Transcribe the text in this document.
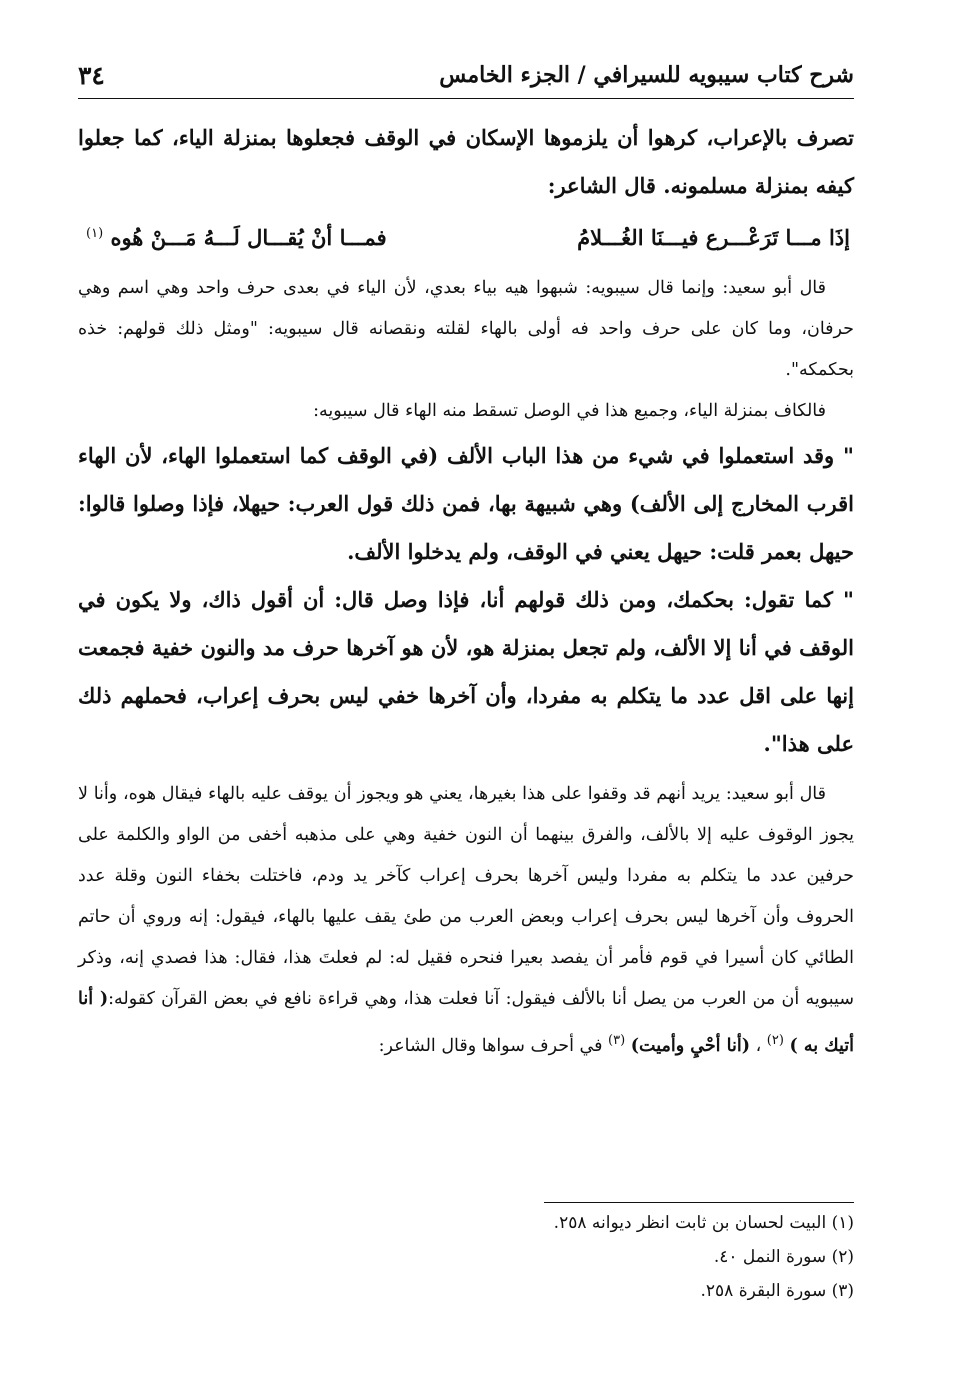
شرح كتاب سيبويه للسيرافي / الجزء الخامس
٣٤

تصرف بالإعراب، كرهوا أن يلزموها الإسكان في الوقف فجعلوها بمنزلة الياء، كما جعلوا كيفه بمنزلة مسلمونه. قال الشاعر:

إذَا مـــا تَرَعْـــرع فيـــنَا الغُـــلامُ
فمـــا أنْ يُقـــال لَـــهُ مَـــنْ هُوه $^{(١)}$

قال أبو سعيد: وإنما قال سيبويه: شبهوا هيه بياء بعدي، لأن الياء في بعدى حرف واحد وهي اسم وهي حرفان، وما كان على حرف واحد فه أولى بالهاء لقلته ونقصانه قال سيبويه: "ومثل ذلك قولهم: خذه بحكمكه".

فالكاف بمنزلة الياء، وجميع هذا في الوصل تسقط منه الهاء قال سيبويه:

" وقد استعملوا في شيء من هذا الباب الألف (في الوقف كما استعملوا الهاء، لأن الهاء اقرب المخارج إلى الألف) وهي شبيهة بها، فمن ذلك قول العرب: حيهلا، فإذا وصلوا قالوا: حيهل بعمر قلت: حيهل يعني في الوقف، ولم يدخلوا الألف.

" كما تقول: بحكمك، ومن ذلك قولهم أنا، فإذا وصل قال: أن أقول ذاك، ولا يكون في الوقف في أنا إلا الألف، ولم تجعل بمنزلة هو، لأن هو آخرها حرف مد والنون خفية فجمعت إنها على اقل عدد ما يتكلم به مفردا، وأن آخرها خفي ليس بحرف إعراب، فحملهم ذلك على هذا".

قال أبو سعيد: يريد أنهم قد وقفوا على هذا بغيرها، يعني هو ويجوز أن يوقف عليه بالهاء فيقال هوه، وأنا لا يجوز الوقوف عليه إلا بالألف، والفرق بينهما أن النون خفية وهي على مذهبه أخفى من الواو والكلمة على حرفين عدد ما يتكلم به مفردا وليس آخرها بحرف إعراب كآخر يد ودم، فاختلت بخفاء النون وقلة عدد الحروف وأن آخرها ليس بحرف إعراب وبعض العرب من طئ يقف عليها بالهاء، فيقول: إنه وروي أن حاتم الطائي كان أسيرا في قوم فأمر أن يفصد بعيرا فنحره فقيل له: لم فعلتَ هذا، فقال: هذا فصدي إنه، وذكر سيبويه أن من العرب من يصل أنا بالألف فيقول: آنا فعلت هذا، وهي قراءة نافع في بعض القرآن كقوله:( أنا أتيك به ) $^{(٢)}$ ، (أنا أحْيِ وأميت) $^{(٣)}$ في أحرف سواها وقال الشاعر:

(١) البيت لحسان بن ثابت انظر ديوانه ٢٥٨.
(٢) سورة النمل ٤٠.
(٣) سورة البقرة ٢٥٨.
